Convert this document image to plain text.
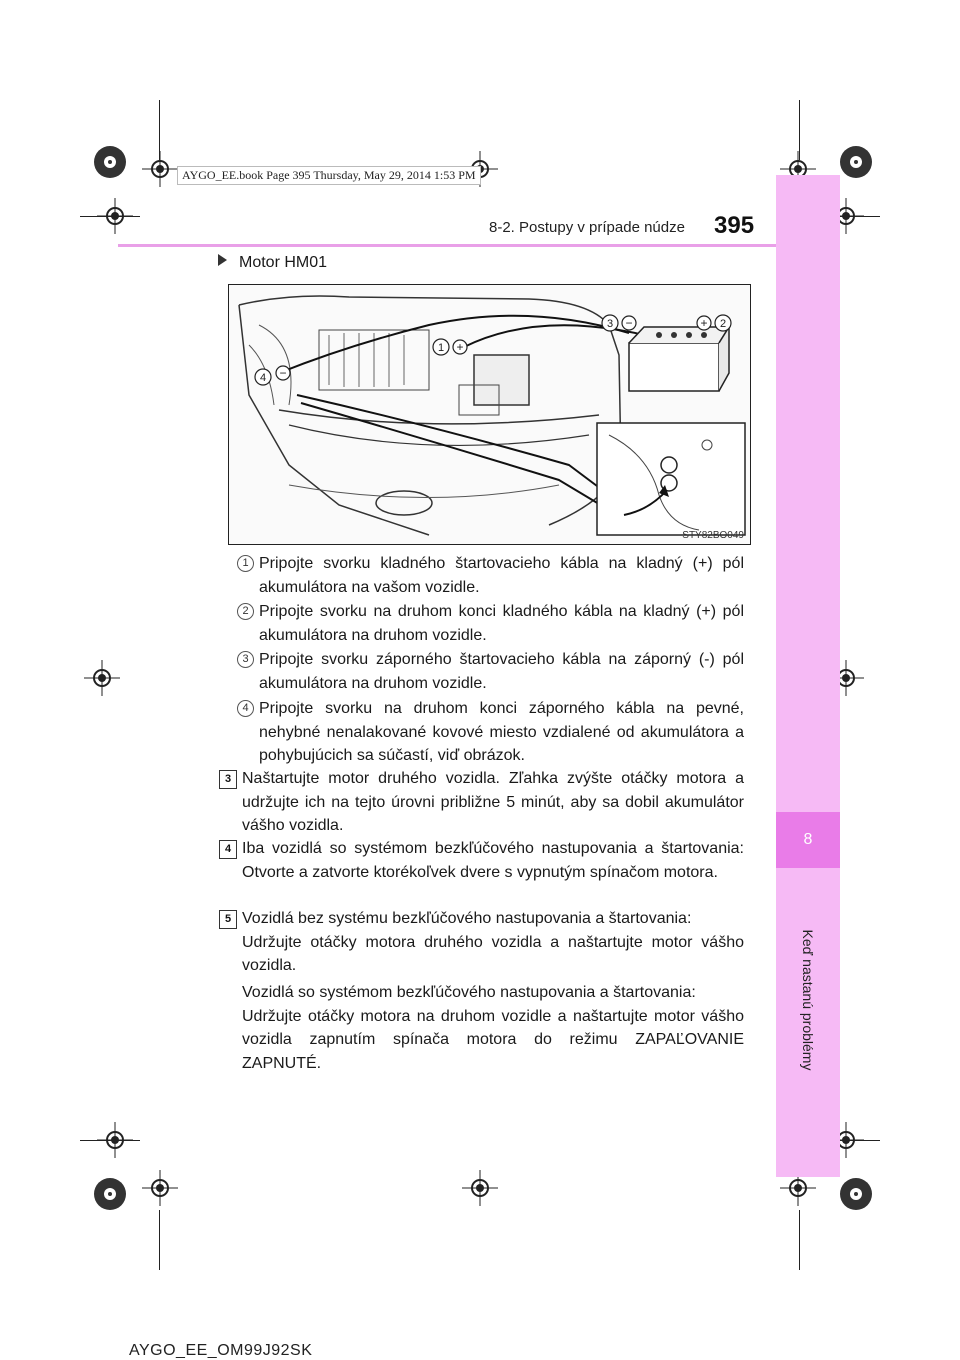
AYGO_EE.book Page 395 Thursday, May 29, 2014 1:53 PM
8
Keď nastanú problémy
8-2. Postupy v prípade núdze 395
Motor HM01
1 +
3 −	+ 2
4 −
STY82BO049
1 Pripojte svorku kladného štartovacieho kábla na kladný (+) pól akumulátora na vašom vozidle.
2 Pripojte svorku na druhom konci kladného kábla na kladný (+) pól akumulátora na druhom vozidle.
3 Pripojte svorku záporného štartovacieho kábla na záporný (-) pól akumulátora na druhom vozidle.
4 Pripojte svorku na druhom konci záporného kábla na pevné, nehybné nenalakované kovové miesto vzdialené od akumulátora a pohybujúcich sa súčastí, viď obrázok.
3 Naštartujte motor druhého vozidla. Zľahka zvýšte otáčky motora a udržujte ich na tejto úrovni približne 5 minút, aby sa dobil akumulátor vášho vozidla.
4 Iba vozidlá so systémom bezkľúčového nastupovania a štartovania: Otvorte a zatvorte ktorékoľvek dvere s vypnutým spínačom motora.
5 Vozidlá bez systému bezkľúčového nastupovania a štartovania:
Udržujte otáčky motora druhého vozidla a naštartujte motor vášho vozidla.
Vozidlá so systémom bezkľúčového nastupovania a štartovania:
Udržujte otáčky motora na druhom vozidle a naštartujte motor vášho vozidla zapnutím spínača motora do režimu ZAPAĽOVANIE ZAPNUTÉ.
AYGO_EE_OM99J92SK
